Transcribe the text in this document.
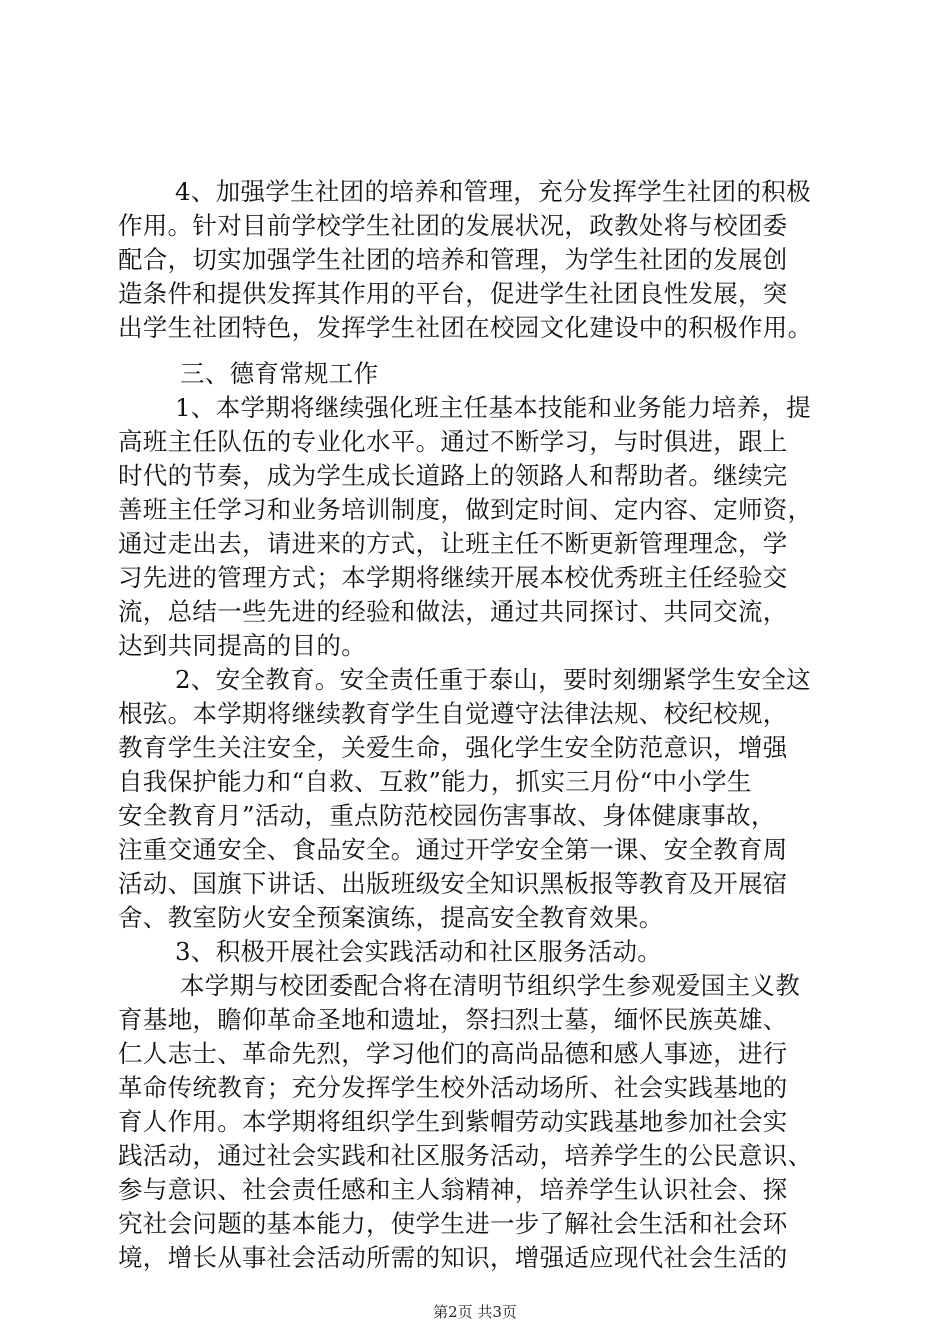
4、加强学生社团的培养和管理，充分发挥学生社团的积极
作用。针对目前学校学生社团的发展状况，政教处将与校团委
配合，切实加强学生社团的培养和管理，为学生社团的发展创
造条件和提供发挥其作用的平台，促进学生社团良性发展，突
出学生社团特色，发挥学生社团在校园文化建设中的积极作用。
三、德育常规工作
1、本学期将继续强化班主任基本技能和业务能力培养，提
高班主任队伍的专业化水平。通过不断学习，与时俱进，跟上
时代的节奏，成为学生成长道路上的领路人和帮助者。继续完
善班主任学习和业务培训制度，做到定时间、定内容、定师资，
通过走出去，请进来的方式，让班主任不断更新管理理念，学
习先进的管理方式；本学期将继续开展本校优秀班主任经验交
流，总结一些先进的经验和做法，通过共同探讨、共同交流，
达到共同提高的目的。
2、安全教育。安全责任重于泰山，要时刻绷紧学生安全这
根弦。本学期将继续教育学生自觉遵守法律法规、校纪校规，
教育学生关注安全，关爱生命，强化学生安全防范意识，增强
自我保护能力和“自救、互救”能力，抓实三月份“中小学生
安全教育月”活动，重点防范校园伤害事故、身体健康事故，
注重交通安全、食品安全。通过开学安全第一课、安全教育周
活动、国旗下讲话、出版班级安全知识黑板报等教育及开展宿
舍、教室防火安全预案演练，提高安全教育效果。
3、积极开展社会实践活动和社区服务活动。
本学期与校团委配合将在清明节组织学生参观爱国主义教
育基地，瞻仰革命圣地和遗址，祭扫烈士墓，缅怀民族英雄、
仁人志士、革命先烈，学习他们的高尚品德和感人事迹，进行
革命传统教育；充分发挥学生校外活动场所、社会实践基地的
育人作用。本学期将组织学生到紫帽劳动实践基地参加社会实
践活动，通过社会实践和社区服务活动，培养学生的公民意识、
参与意识、社会责任感和主人翁精神，培养学生认识社会、探
究社会问题的基本能力，使学生进一步了解社会生活和社会环
境，增长从事社会活动所需的知识，增强适应现代社会生活的
第2页 共3页
